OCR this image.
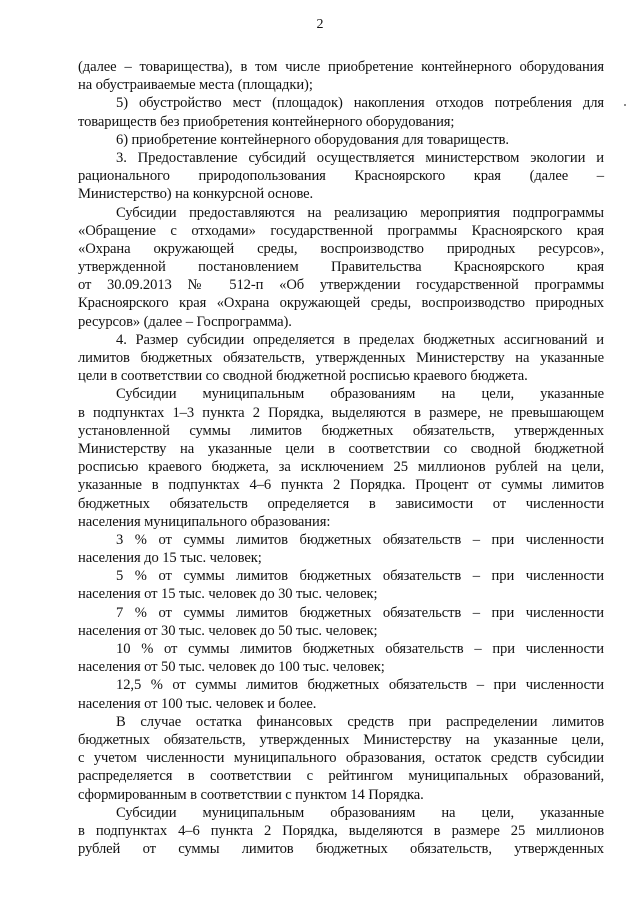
2
(далее – товарищества), в том числе приобретение контейнерного оборудования
на обустраиваемые места (площадки);
5) обустройство мест (площадок) накопления отходов потребления для
товариществ без приобретения контейнерного оборудования;
6) приобретение контейнерного оборудования для товариществ.
3. Предоставление субсидий осуществляется министерством экологии и
рационального природопользования Красноярского края (далее –
Министерство) на конкурсной основе.
Субсидии предоставляются на реализацию мероприятия подпрограммы
«Обращение с отходами» государственной программы Красноярского края
«Охрана окружающей среды, воспроизводство природных ресурсов»,
утвержденной постановлением Правительства Красноярского края
от 30.09.2013 № 512-п «Об утверждении государственной программы
Красноярского края «Охрана окружающей среды, воспроизводство природных
ресурсов» (далее – Госпрограмма).
4. Размер субсидии определяется в пределах бюджетных ассигнований и
лимитов бюджетных обязательств, утвержденных Министерству на указанные
цели в соответствии со сводной бюджетной росписью краевого бюджета.
Субсидии муниципальным образованиям на цели, указанные
в подпунктах 1–3 пункта 2 Порядка, выделяются в размере, не превышающем
установленной суммы лимитов бюджетных обязательств, утвержденных
Министерству на указанные цели в соответствии со сводной бюджетной
росписью краевого бюджета, за исключением 25 миллионов рублей на цели,
указанные в подпунктах 4–6 пункта 2 Порядка. Процент от суммы лимитов
бюджетных обязательств определяется в зависимости от численности
населения муниципального образования:
3 % от суммы лимитов бюджетных обязательств – при численности
населения до 15 тыс. человек;
5 % от суммы лимитов бюджетных обязательств – при численности
населения от 15 тыс. человек до 30 тыс. человек;
7 % от суммы лимитов бюджетных обязательств – при численности
населения от 30 тыс. человек до 50 тыс. человек;
10 % от суммы лимитов бюджетных обязательств – при численности
населения от 50 тыс. человек до 100 тыс. человек;
12,5 % от суммы лимитов бюджетных обязательств – при численности
населения от 100 тыс. человек и более.
В случае остатка финансовых средств при распределении лимитов
бюджетных обязательств, утвержденных Министерству на указанные цели,
с учетом численности муниципального образования, остаток средств субсидии
распределяется в соответствии с рейтингом муниципальных образований,
сформированным в соответствии с пунктом 14 Порядка.
Субсидии муниципальным образованиям на цели, указанные
в подпунктах 4–6 пункта 2 Порядка, выделяются в размере 25 миллионов
рублей от суммы лимитов бюджетных обязательств, утвержденных
